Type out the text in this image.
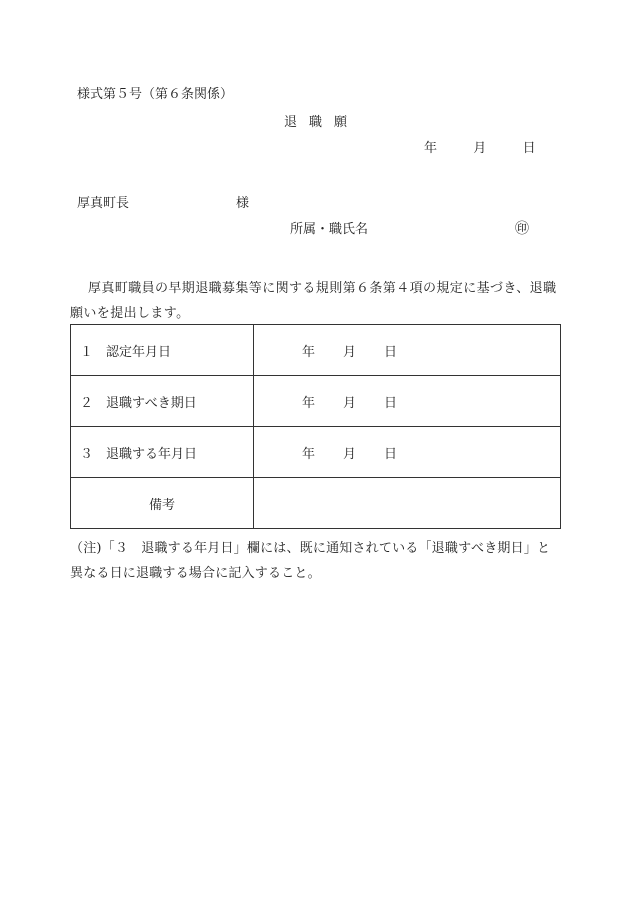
様式第５号（第６条関係）
退職願
年	月	日
厚真町長	様
所属・職氏名	㊞
厚真町職員の早期退職募集等に関する規則第６条第４項の規定に基づき、退職願いを提出します。
１　認定年月日	年 月 日
２　退職すべき期日	年 月 日
３　退職する年月日	年 月 日
備考	
（注)「３　退職する年月日」欄には、既に通知されている「退職すべき期日」と異なる日に退職する場合に記入すること。
